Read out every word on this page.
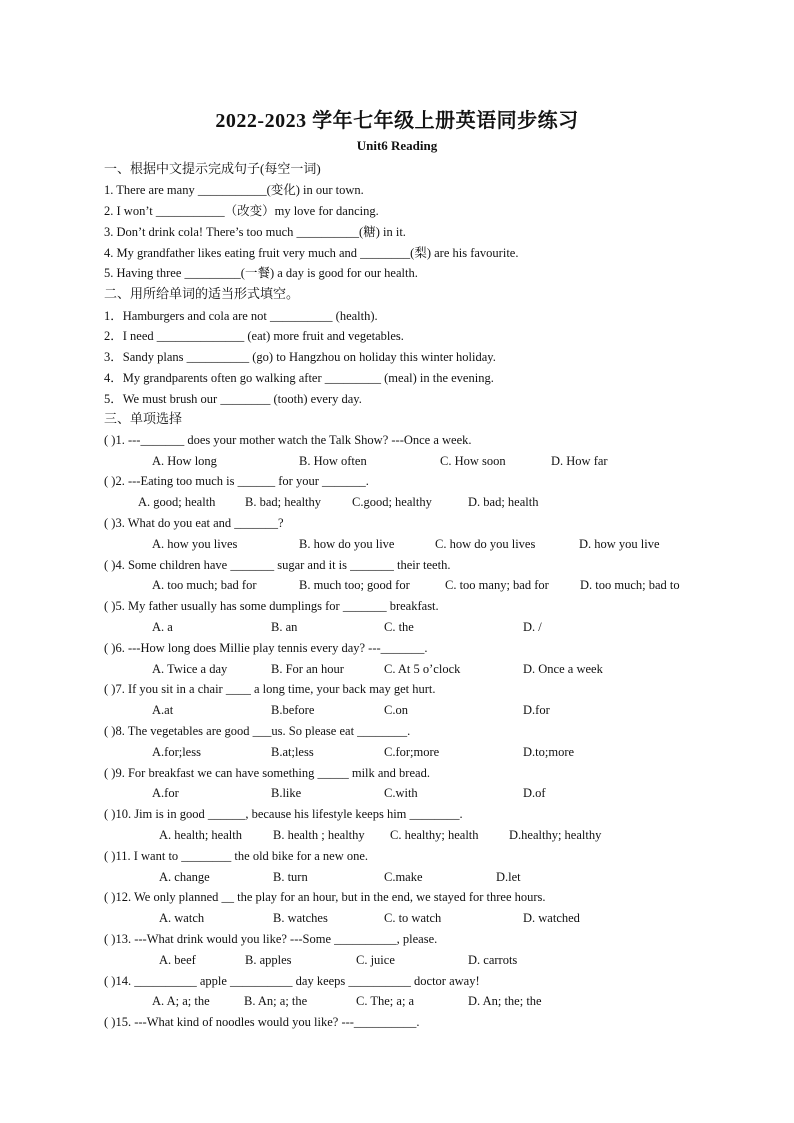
2022-2023 学年七年级上册英语同步练习
Unit6 Reading
一、根据中文提示完成句子(每空一词)
1. There are many ___________(变化) in our town.
2. I won’t ___________（改变）my love for dancing.
3. Don’t drink cola! There’s too much __________(糖) in it.
4. My grandfather likes eating fruit very much and ________(梨) are his favourite.
5. Having three _________(一餐) a day is good for our health.
二、用所给单词的适当形式填空。
1．Hamburgers and cola are not __________ (health).
2．I need ______________ (eat) more fruit and vegetables.
3．Sandy plans __________ (go) to Hangzhou on holiday this winter holiday.
4．My grandparents often go walking after _________ (meal) in the evening.
5．We must brush our ________ (tooth) every day.
三、单项选择
( )1. ---_______ does your mother watch the Talk Show? ---Once a week.
A. How long	B. How often	C. How soon	D. How far
( )2. ---Eating too much is ______ for your _______.
A. good; health B. bad; healthy C.good; healthy	D. bad; health
( )3. What do you eat and _______?
A. how you lives	B. how do you live	C. how do you lives	D. how you live
( )4. Some children have _______ sugar and it is _______ their teeth.
A. too much; bad for	B. much too; good for	C. too many; bad for D. too much; bad to
( )5. My father usually has some dumplings for _______ breakfast.
A. a	B. an	C. the	D. /
( )6. ---How long does Millie play tennis every day? ---_______.
A. Twice a day	B. For an hour	C. At 5 o’clock	D. Once a week
( )7. If you sit in a chair ____ a long time, your back may get hurt.
A.at	B.before	C.on	D.for
( )8. The vegetables are good ___us. So please eat ________.
A.for;less	B.at;less	C.for;more	D.to;more
( )9. For breakfast we can have something _____ milk and bread.
A.for	B.like	C.with	D.of
( )10. Jim is in good ______, because his lifestyle keeps him ________.
A. health; health B. health ; healthy C. healthy; health D.healthy; healthy
( )11. I want to ________ the old bike for a new one.
A. change	B. turn	C.make	D.let
( )12. We only planned __ the play for an hour, but in the end, we stayed for three hours.
A. watch	B. watches	C. to watch	D. watched
( )13. ---What drink would you like? ---Some __________, please.
A. beef	B. apples	C. juice	D. carrots
( )14. __________ apple __________ day keeps __________ doctor away!
A. A; a; the	B. An; a; the	C. The; a; a	D. An; the; the
( )15. ---What kind of noodles would you like? ---__________.
